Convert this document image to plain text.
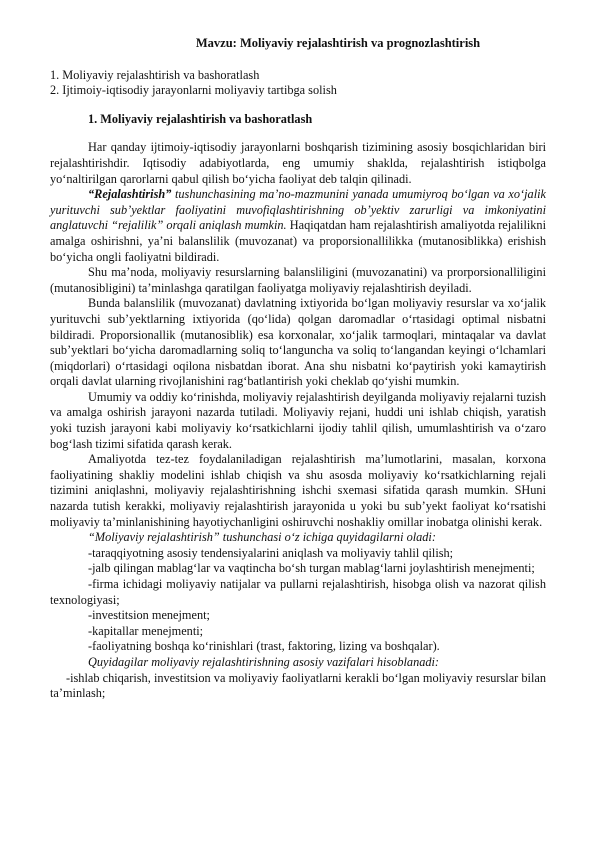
Mavzu: Moliyaviy rejalashtirish va prognozlashtirish
1. Moliyaviy rejalashtirish va bashoratlash
2. Ijtimoiy-iqtisodiy jarayonlarni moliyaviy tartibga solish
1. Moliyaviy rejalashtirish va bashoratlash

Har qanday ijtimoiy-iqtisodiy jarayonlarni boshqarish tizimining asosiy bosqichlaridan biri rejalashtirishdir. Iqtisodiy adabiyotlarda, eng umumiy shaklda, rejalashtirish istiqbolga yo‘naltirilgan qarorlarni qabul qilish bo‘yicha faoliyat deb talqin qilinadi.

“Rejalashtirish” tushunchasining ma’no-mazmunini yanada umumiyroq bo‘lgan va xo‘jalik yurituvchi sub’yektlar faoliyatini muvofiqlashtirishning ob’yektiv zarurligi va imkoniyatini anglatuvchi “rejalilik” orqali aniqlash mumkin. Haqiqatdan ham rejalashtirish amaliyotda rejalilikni amalga oshirishni, ya’ni balanslilik (muvozanat) va proporsionallilikka (mutanosiblikka) erishish bo‘yicha ongli faoliyatni bildiradi.

Shu ma’noda, moliyaviy resurslarning balansliligini (muvozanatini) va prorporsionalliligini (mutanosibligini) ta’minlashga qaratilgan faoliyatga moliyaviy rejalashtirish deyiladi.

Bunda balanslilik (muvozanat) davlatning ixtiyorida bo‘lgan moliyaviy resurslar va xo‘jalik yurituvchi sub’yektlarning ixtiyorida (qo‘lida) qolgan daromadlar o‘rtasidagi optimal nisbatni bildiradi. Proporsionallik (mutanosiblik) esa korxonalar, xo‘jalik tarmoqlari, mintaqalar va davlat sub’yektlari bo‘yicha daromadlarning soliq to‘languncha va soliq to‘langandan keyingi o‘lchamlari (miqdorlari) o‘rtasidagi oqilona nisbatdan iborat. Ana shu nisbatni ko‘paytirish yoki kamaytirish orqali davlat ularning rivojlanishini rag‘batlantirish yoki cheklab qo‘yishi mumkin.

Umumiy va oddiy ko‘rinishda, moliyaviy rejalashtirish deyilganda moliyaviy rejalarni tuzish va amalga oshirish jarayoni nazarda tutiladi. Moliyaviy rejani, huddi uni ishlab chiqish, yaratish yoki tuzish jarayoni kabi moliyaviy ko‘rsatkichlarni ijodiy tahlil qilish, umumlashtirish va o‘zaro bog‘lash tizimi sifatida qarash kerak.

Amaliyotda tez-tez foydalaniladigan rejalashtirish ma’lumotlarini, masalan, korxona faoliyatining shakliy modelini ishlab chiqish va shu asosda moliyaviy ko‘rsatkichlarning rejali tizimini aniqlashni, moliyaviy rejalashtirishning ishchi sxemasi sifatida qarash mumkin. SHuni nazarda tutish kerakki, moliyaviy rejalashtirish jarayonida u yoki bu sub’yekt faoliyat ko‘rsatishi moliyaviy ta’minlanishining hayotiychanligini oshiruvchi noshakliy omillar inobatga olinishi kerak.

“Moliyaviy rejalashtirish” tushunchasi o‘z ichiga quyidagilarni oladi:

-taraqqiyotning asosiy tendensiyalarini aniqlash va moliyaviy tahlil qilish;
-jalb qilingan mablag‘lar va vaqtincha bo‘sh turgan mablag‘larni joylashtirish menejmenti;
-firma ichidagi moliyaviy natijalar va pullarni rejalashtirish, hisobga olish va nazorat qilish texnologiyasi;
-investitsion menejment;
-kapitallar menejmenti;
-faoliyatning boshqa ko‘rinishlari (trast, faktoring, lizing va boshqalar).

Quyidagilar moliyaviy rejalashtirishning asosiy vazifalari hisoblanadi:

-ishlab chiqarish, investitsion va moliyaviy faoliyatlarni kerakli bo‘lgan moliyaviy resurslar bilan ta’minlash;
